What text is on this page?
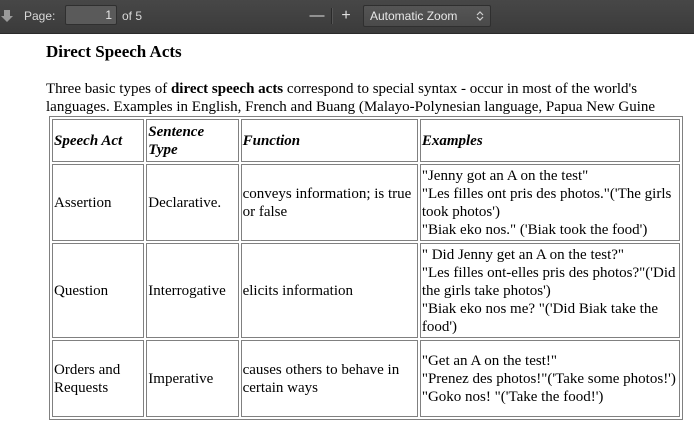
Page:
1	of 5	—	+	Automatic Zoom
Direct Speech Acts
Three basic types of direct speech acts correspond to special syntax - occur in most of the world's
languages. Examples in English, French and Buang (Malayo-Polynesian language, Papua New Guine
Speech Act	Sentence Type	Function	Examples
Assertion	Declarative.	conveys information; is true or false	"Jenny got an A on the test"
"Les filles ont pris des photos."('The girls took photos')
"Biak eko nos." ('Biak took the food')

Question	Interrogative	elicits information	" Did Jenny get an A on the test?"
"Les filles ont-elles pris des photos?"('Did the girls take photos')
"Biak eko nos me? "('Did Biak take the food')

Orders and Requests	Imperative	causes others to behave in certain ways	"Get an A on the test!"
"Prenez des photos!"('Take some photos!')
"Goko nos! "('Take the food!')
